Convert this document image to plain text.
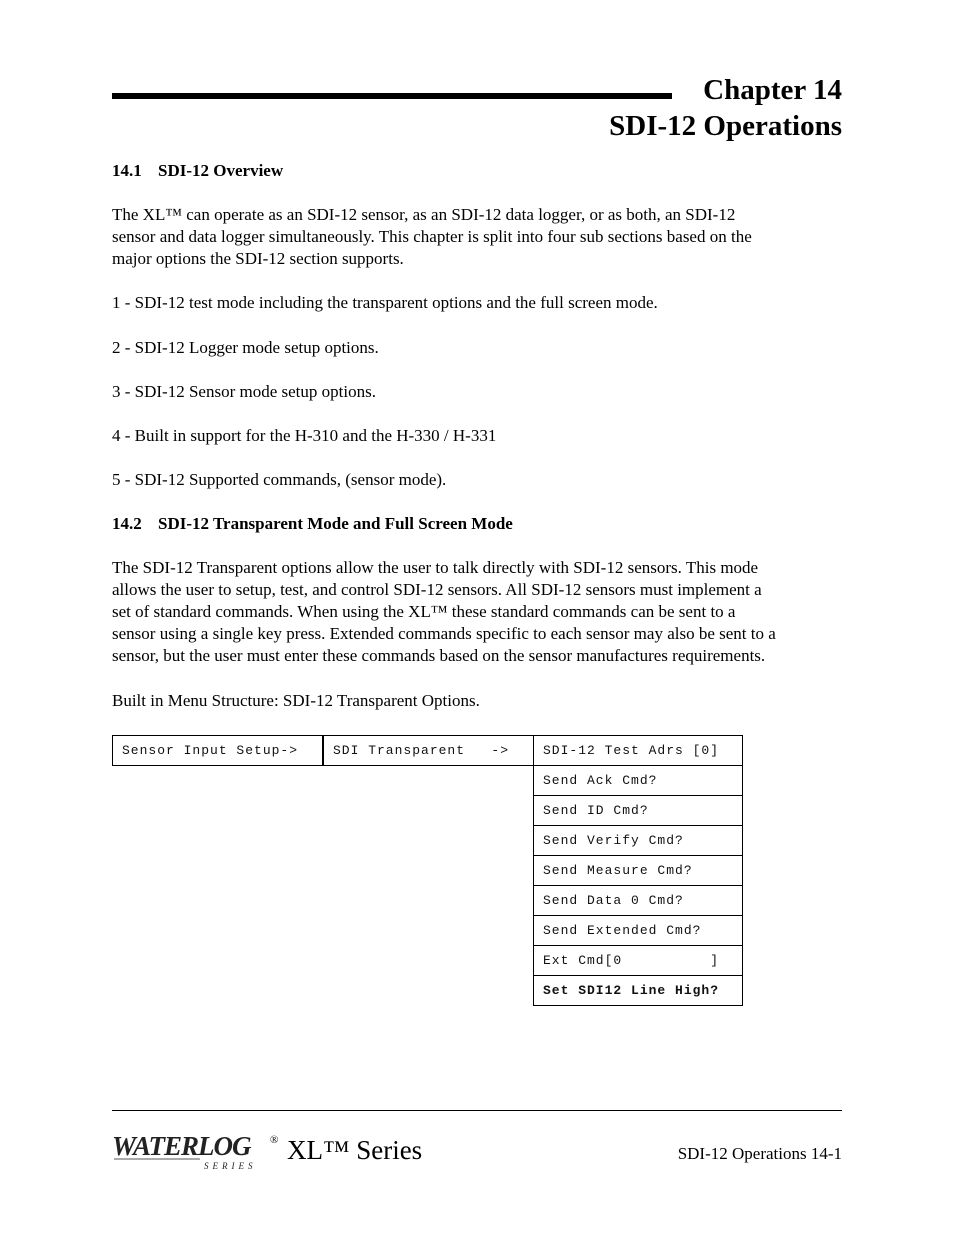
Chapter 14
SDI-12 Operations
14.1 SDI-12 Overview

The XL™ can operate as an SDI-12 sensor, as an SDI-12 data logger, or as both, an SDI-12

sensor and data logger simultaneously. This chapter is split into four sub sections based on the

major options the SDI-12 section supports.

1 - SDI-12 test mode including the transparent options and the full screen mode.

2 - SDI-12 Logger mode setup options.

3 - SDI-12 Sensor mode setup options.

4 - Built in support for the H-310 and the H-330 / H-331

5 - SDI-12 Supported commands, (sensor mode).

14.2 SDI-12 Transparent Mode and Full Screen Mode

The SDI-12 Transparent options allow the user to talk directly with SDI-12 sensors. This mode

allows the user to setup, test, and control SDI-12 sensors. All SDI-12 sensors must implement a

set of standard commands. When using the XL™ these standard commands can be sent to a

sensor using a single key press. Extended commands specific to each sensor may also be sent to a

sensor, but the user must enter these commands based on the sensor manufactures requirements.

Built in Menu Structure: SDI-12 Transparent Options.

Sensor Input Setup->	SDI Transparent   ->	SDI-12 Test Adrs [0]
Send Ack Cmd?
Send ID Cmd?
Send Verify Cmd?
Send Measure Cmd?
Send Data 0 Cmd?
Send Extended Cmd?
Ext Cmd[0          ]
Set SDI12 Line High?
WATERLOG
SERIES
® XL™ Series	SDI-12 Operations 14-1
